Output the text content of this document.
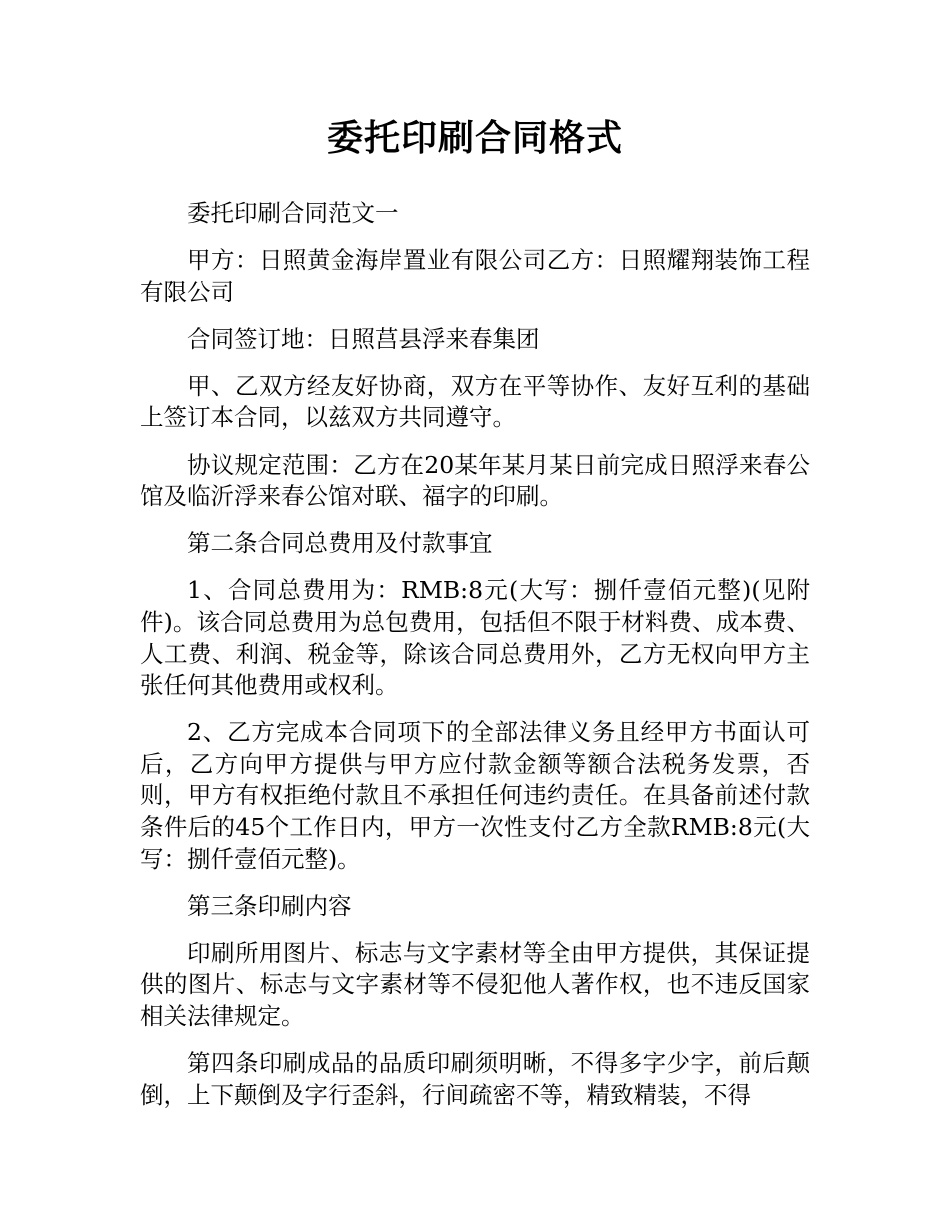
委托印刷合同格式

委托印刷合同范文一

甲方：日照黄金海岸置业有限公司乙方：日照耀翔装饰工程有限公司

合同签订地：日照莒县浮来春集团

甲、乙双方经友好协商，双方在平等协作、友好互利的基础上签订本合同，以兹双方共同遵守。

协议规定范围：乙方在20某年某月某日前完成日照浮来春公馆及临沂浮来春公馆对联、福字的印刷。

第二条合同总费用及付款事宜

1、合同总费用为：RMB:8元(大写：捌仟壹佰元整)(见附件)。该合同总费用为总包费用，包括但不限于材料费、成本费、人工费、利润、税金等，除该合同总费用外，乙方无权向甲方主张任何其他费用或权利。

2、乙方完成本合同项下的全部法律义务且经甲方书面认可后，乙方向甲方提供与甲方应付款金额等额合法税务发票，否则，甲方有权拒绝付款且不承担任何违约责任。在具备前述付款条件后的45个工作日内，甲方一次性支付乙方全款RMB:8元(大写：捌仟壹佰元整)。

第三条印刷内容

印刷所用图片、标志与文字素材等全由甲方提供，其保证提供的图片、标志与文字素材等不侵犯他人著作权，也不违反国家相关法律规定。

第四条印刷成品的品质印刷须明晰，不得多字少字，前后颠倒，上下颠倒及字行歪斜，行间疏密不等，精致精装，不得
